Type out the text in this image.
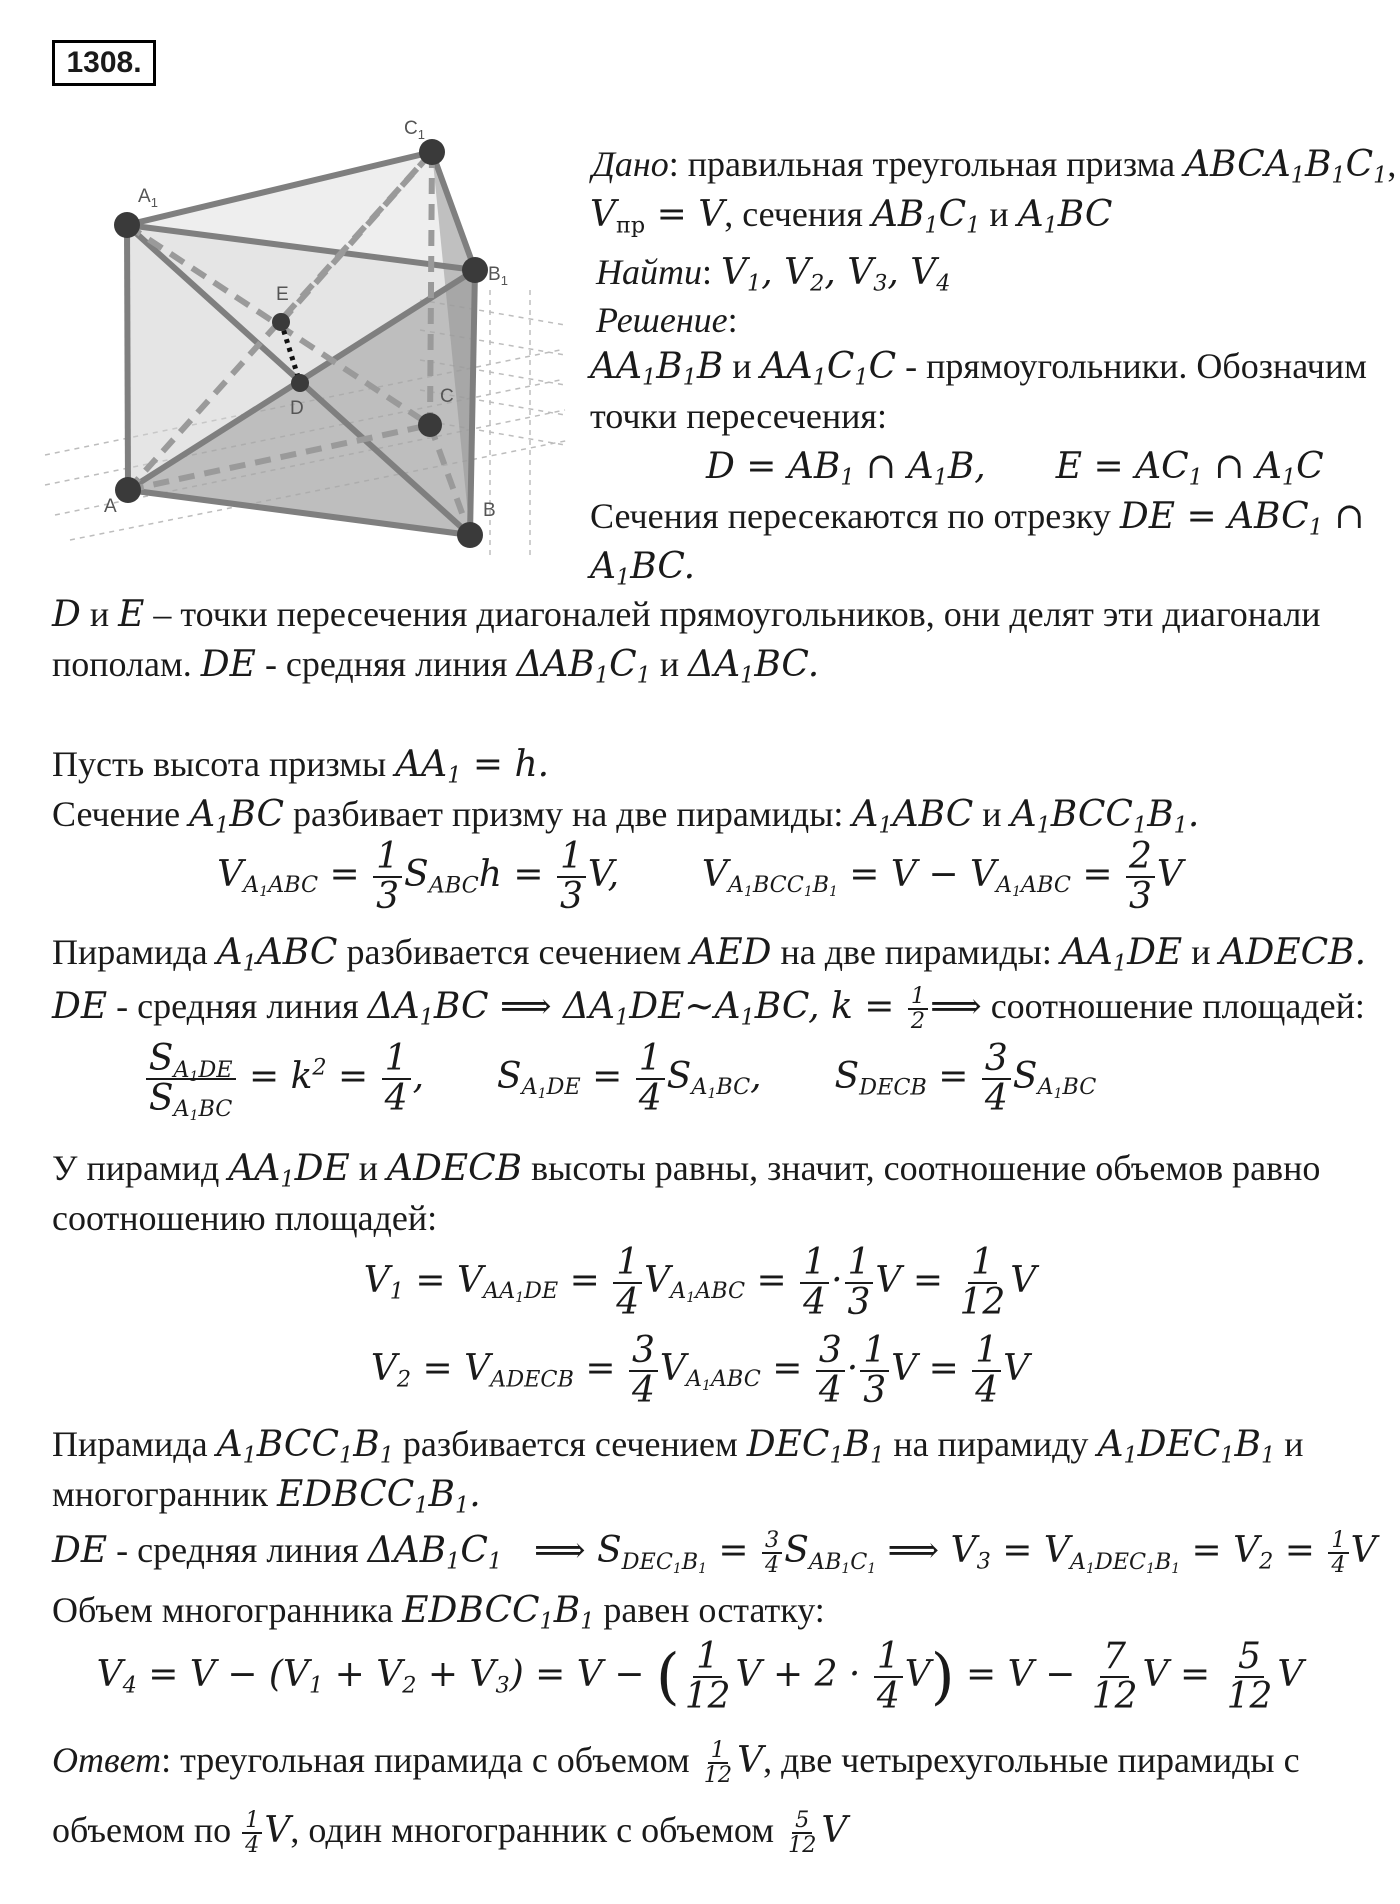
1308.
$A_1$
$C_1$
$B_1$
E
D
C
A	B
Дано: правильная треугольная призма $ABCA_1B_1C_1$,
$V_{пр} = V$, сечения $AB_1C_1$ и $A_1BC$
Найти: $V_1$, $V_2$, $V_3$, $V_4$
Решение:
$AA_1B_1B$ и $AA_1C_1C$ - прямоугольники. Обозначим
точки пересечения:
$D = AB_1$ ∩ $A_1B$, $E = AC_1$ ∩ $A_1C$
Сечения пересекаются по отрезку DE = $ABC_1$ ∩
$A_1BC$.
D и E – точки пересечения диагоналей прямоугольников, они делят эти диагонали
пополам. DE - средняя линия $\Delta AB_1C_1$ и $\Delta A_1BC$.
Пусть высота призмы $AA_1 = h$.
Сечение $A_1BC$ разбивает призму на две пирамиды: $A_1ABC$ и $A_1BCC_1B_1$.
$V_{A_1ABC} = \frac{1}{3} S_{ABC}h = \frac{1}{3} V$,  $V_{A_1BCC_1B_1} = V - V_{A_1ABC} = \frac{2}{3}$ V
Пирамида $A_1ABC$ разбивается сечением AED на две пирамиды: $AA_1DE$ и ADECB.
DE - средняя линия $\Delta A_1BC$ ⟹ $\Delta A_1DE\sim A_1BC$, $k = \frac{1}{2}$ ⟹ соотношение площадей:
$\frac{S_{A_1DE}}{S_{A_1BC}} = k^2 = \frac{1}{4}$ ,  $S_{A_1DE} = \frac{1}{4} S_{A_1BC}$,  $S_{DECB} = \frac{3}{4} S_{A_1BC}$
У пирамид $AA_1DE$ и ADECB высоты равны, значит, соотношение объемов равно
соотношению площадей:
$V_1 = V_{AA_1DE} = \frac{1}{4} V_{A_1ABC} = \frac{1}{4} \cdot \frac{1}{3}$ $V = \frac{1}{12}$ V
$V_2 = V_{ADECB} = \frac{3}{4} V_{A_1ABC} = \frac{3}{4} \cdot \frac{1}{3}$ $V = \frac{1}{4}$ V
Пирамида $A_1BCC_1B_1$ разбивается сечением $DEC_1B_1$ на пирамиду $A_1DEC_1B_1$ и
многогранник $EDBCC_1B_1$.
DE - средняя линия $\Delta AB_1C_1$   ⟹ $S_{DEC_1B_1} = \frac{3}{4} S_{AB_1C_1}$ ⟹ $V_3 = V_{A_1DEC_1B_1} = V_2 = \frac{1}{4}$ V
Объем многогранника $EDBCC_1B_1$ равен остатку:
$V_4 = V - (V_1 + V_2 + V_3) = V$ − ( $\frac{1}{12}$ $V + 2 \cdot \frac{1}{4} V) = V - \frac{7}{12}$ $V = \frac{5}{12}$ V
Ответ: треугольная пирамида с объемом $\frac{1}{12} V$, две четырехугольные пирамиды с
объемом по $\frac{1}{4} V$, один многогранник с объемом $\frac{5}{12}$ V
